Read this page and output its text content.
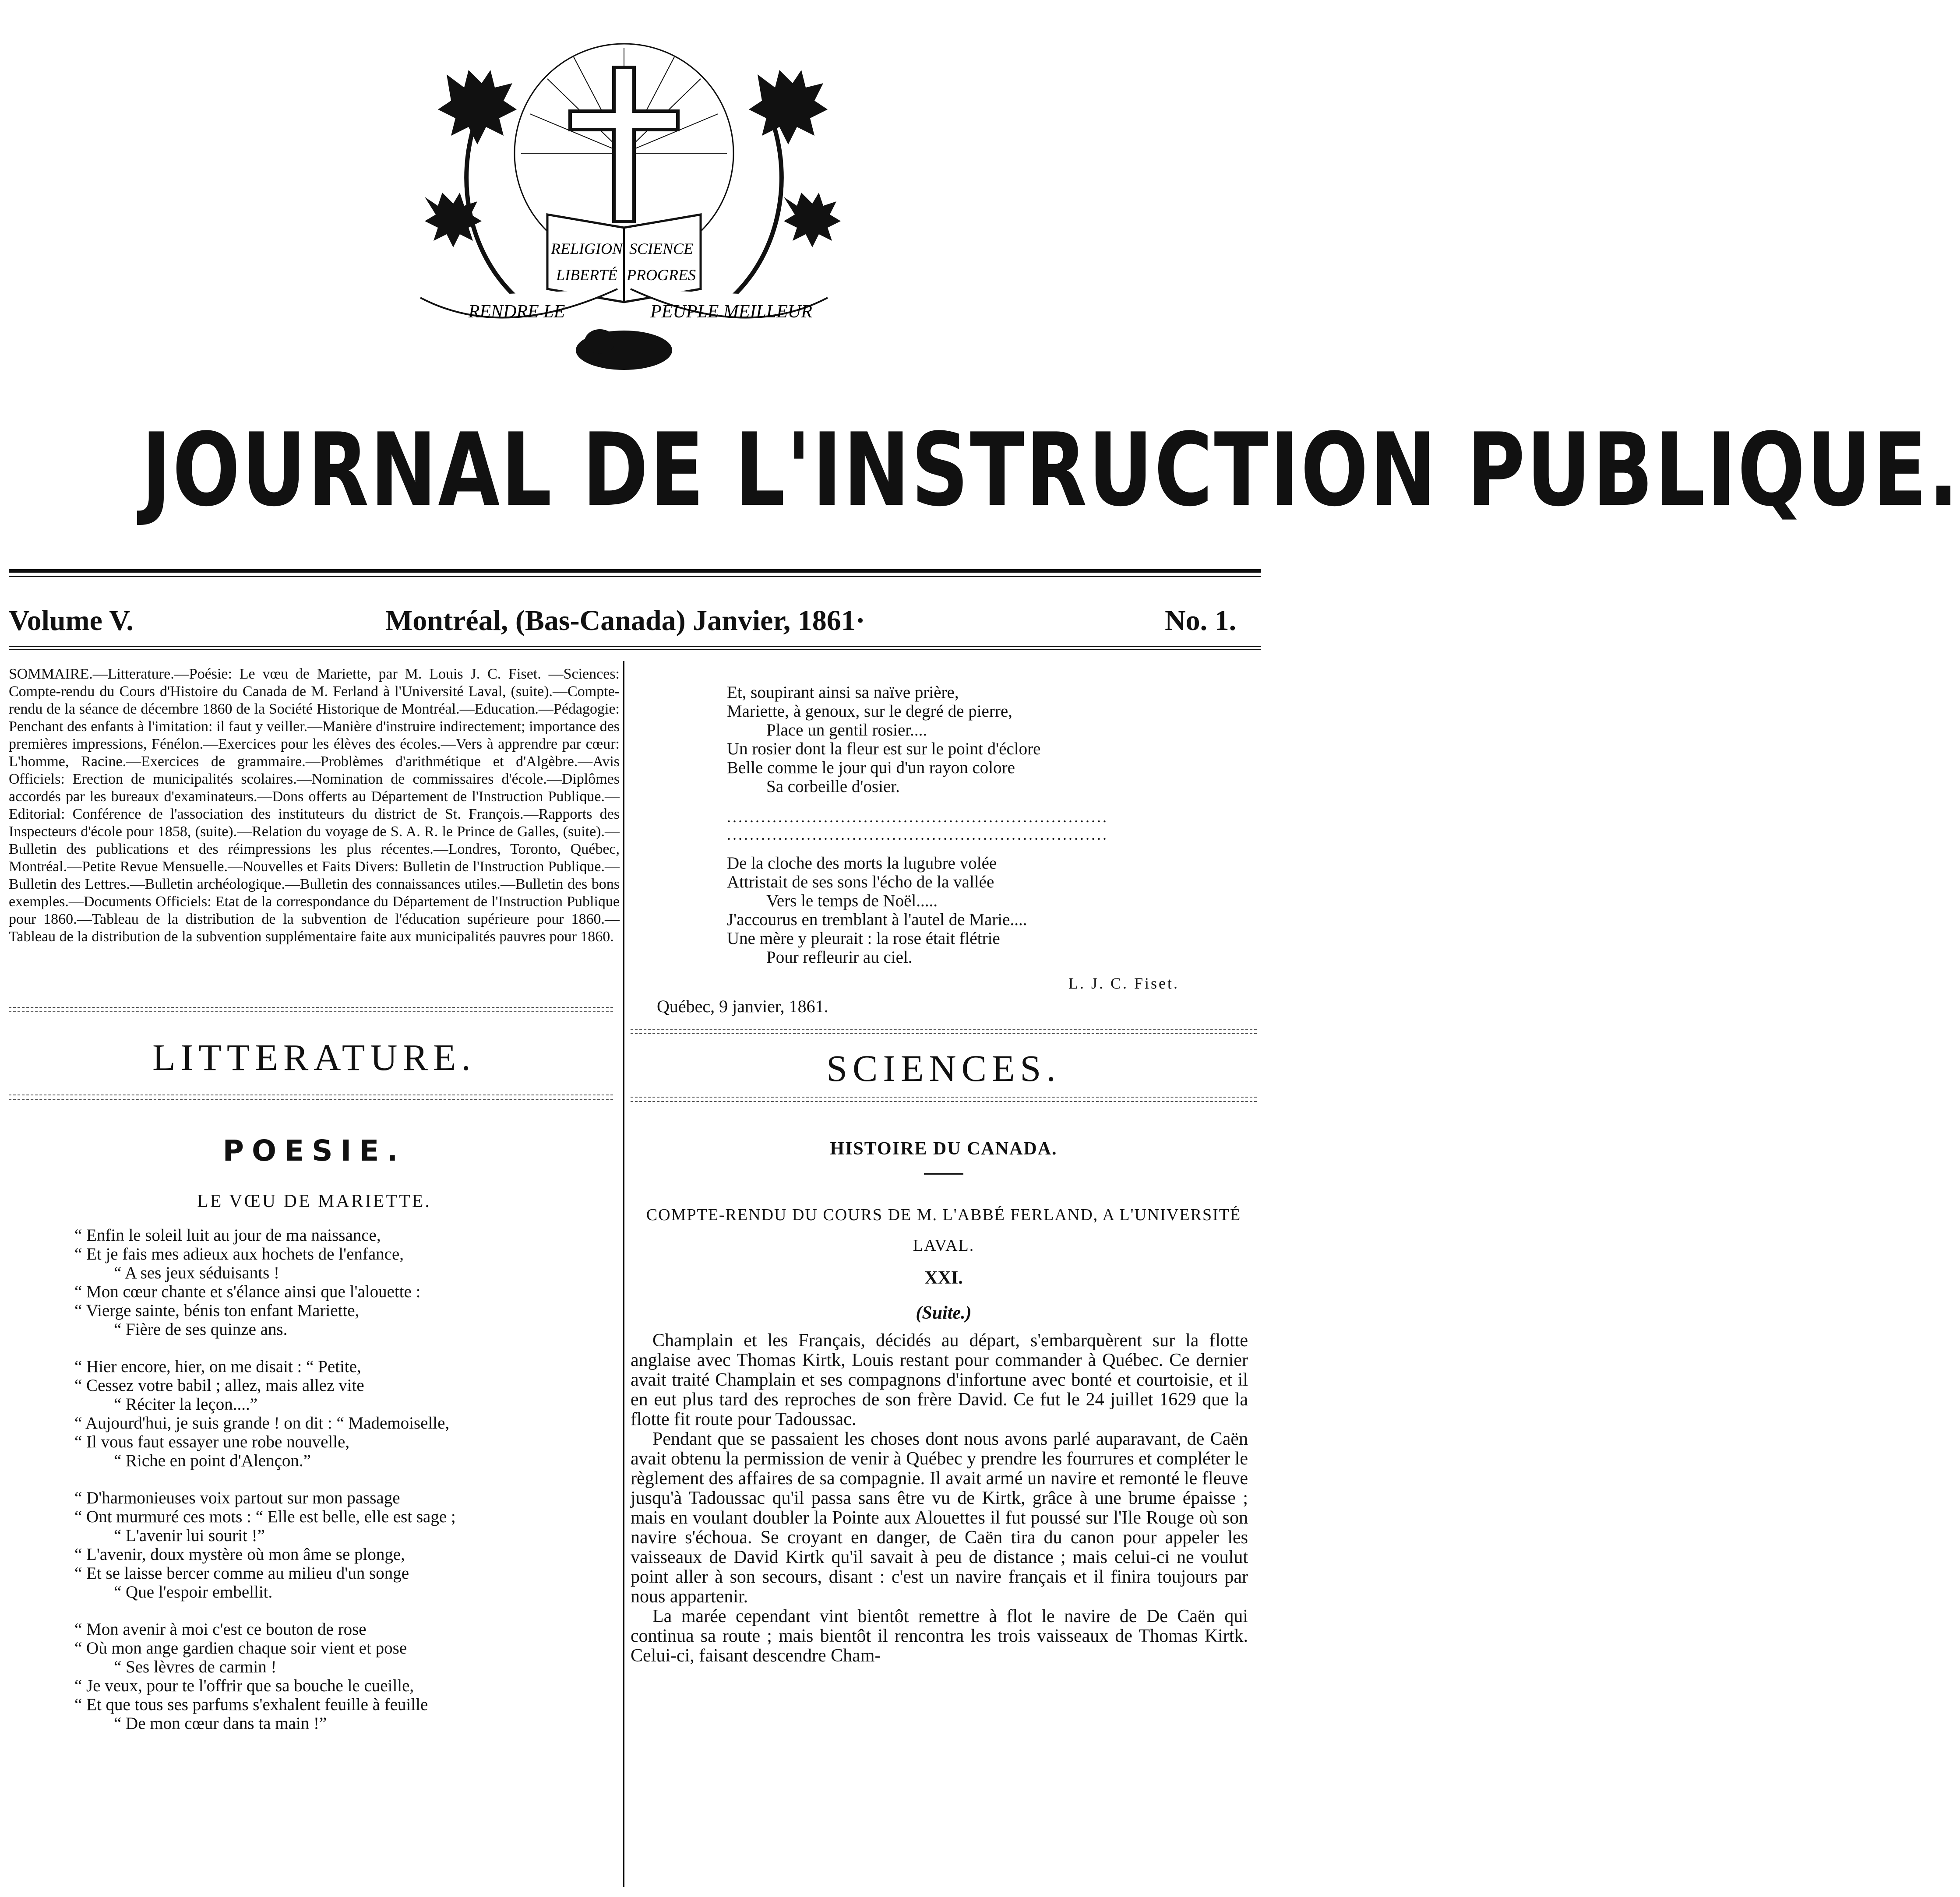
RELIGION
LIBERTÉ
SCIENCE
PROGRES
RENDRE LE	PEUPLE MEILLEUR
JOURNAL DE L'INSTRUCTION PUBLIQUE.
Volume V.	Montréal, (Bas-Canada) Janvier, 1861·	No. 1.
SOMMAIRE.—Litterature.—Poésie: Le vœu de Mariette, par M. Louis J. C. Fiset. —Sciences: Compte-rendu du Cours d'Histoire du Canada de M. Ferland à l'Université Laval, (suite).—Compte-rendu de la séance de décembre 1860 de la Société Historique de Montréal.—Education.—Pédagogie: Penchant des enfants à l'imitation: il faut y veiller.—Manière d'instruire indirectement; importance des premières impressions, Fénélon.—Exercices pour les élèves des écoles.—Vers à apprendre par cœur: L'homme, Racine.—Exercices de grammaire.—Problèmes d'arithmétique et d'Algèbre.—Avis Officiels: Erection de municipalités scolaires.—Nomination de commissaires d'école.—Diplômes accordés par les bureaux d'examinateurs.—Dons offerts au Département de l'Instruction Publique.—Editorial: Conférence de l'association des instituteurs du district de St. François.—Rapports des Inspecteurs d'école pour 1858, (suite).—Relation du voyage de S. A. R. le Prince de Galles, (suite).—Bulletin des publications et des réimpressions les plus récentes.—Londres, Toronto, Québec, Montréal.—Petite Revue Mensuelle.—Nouvelles et Faits Divers: Bulletin de l'Instruction Publique.—Bulletin des Lettres.—Bulletin archéologique.—Bulletin des connaissances utiles.—Bulletin des bons exemples.—Documents Officiels: Etat de la correspondance du Département de l'Instruction Publique pour 1860.—Tableau de la distribution de la subvention de l'éducation supérieure pour 1860.—Tableau de la distribution de la subvention supplémentaire faite aux municipalités pauvres pour 1860.
LITTERATURE.
POESIE.
LE VŒU DE MARIETTE.
“ Enfin le soleil luit au jour de ma naissance,
“ Et je fais mes adieux aux hochets de l'enfance,
“ A ses jeux séduisants !
“ Mon cœur chante et s'élance ainsi que l'alouette :
“ Vierge sainte, bénis ton enfant Mariette,
“ Fière de ses quinze ans.
“ Hier encore, hier, on me disait : “ Petite,
“ Cessez votre babil ; allez, mais allez vite
“ Réciter la leçon....”
“ Aujourd'hui, je suis grande ! on dit : “ Mademoiselle,
“ Il vous faut essayer une robe nouvelle,
“ Riche en point d'Alençon.”
“ D'harmonieuses voix partout sur mon passage
“ Ont murmuré ces mots : “ Elle est belle, elle est sage ;
“ L'avenir lui sourit !”
“ L'avenir, doux mystère où mon âme se plonge,
“ Et se laisse bercer comme au milieu d'un songe
“ Que l'espoir embellit.
“ Mon avenir à moi c'est ce bouton de rose
“ Où mon ange gardien chaque soir vient et pose
“ Ses lèvres de carmin !
“ Je veux, pour te l'offrir que sa bouche le cueille,
“ Et que tous ses parfums s'exhalent feuille à feuille
“ De mon cœur dans ta main !”
Et, soupirant ainsi sa naïve prière,
Mariette, à genoux, sur le degré de pierre,
Place un gentil rosier....
Un rosier dont la fleur est sur le point d'éclore
Belle comme le jour qui d'un rayon colore
Sa corbeille d'osier.
...................................................................
...................................................................
De la cloche des morts la lugubre volée
Attristait de ses sons l'écho de la vallée
Vers le temps de Noël.....
J'accourus en tremblant à l'autel de Marie....
Une mère y pleurait : la rose était flétrie
Pour refleurir au ciel.
L. J. C. Fiset.
Québec, 9 janvier, 1861.
SCIENCES.
HISTOIRE DU CANADA.
COMPTE-RENDU DU COURS DE M. L'ABBÉ FERLAND, A L'UNIVERSITÉ LAVAL.
XXI.
(Suite.)

Champlain et les Français, décidés au départ, s'embarquèrent sur la flotte anglaise avec Thomas Kirtk, Louis restant pour commander à Québec. Ce dernier avait traité Champlain et ses compagnons d'infortune avec bonté et courtoisie, et il en eut plus tard des reproches de son frère David. Ce fut le 24 juillet 1629 que la flotte fit route pour Tadoussac.

Pendant que se passaient les choses dont nous avons parlé auparavant, de Caën avait obtenu la permission de venir à Québec y prendre les fourrures et compléter le règlement des affaires de sa compagnie. Il avait armé un navire et remonté le fleuve jusqu'à Tadoussac qu'il passa sans être vu de Kirtk, grâce à une brume épaisse ; mais en voulant doubler la Pointe aux Alouettes il fut poussé sur l'Ile Rouge où son navire s'échoua. Se croyant en danger, de Caën tira du canon pour appeler les vaisseaux de David Kirtk qu'il savait à peu de distance ; mais celui-ci ne voulut point aller à son secours, disant : c'est un navire français et il finira toujours par nous appartenir.

La marée cependant vint bientôt remettre à flot le navire de De Caën qui continua sa route ; mais bientôt il rencontra les trois vaisseaux de Thomas Kirtk. Celui-ci, faisant descendre Cham-
